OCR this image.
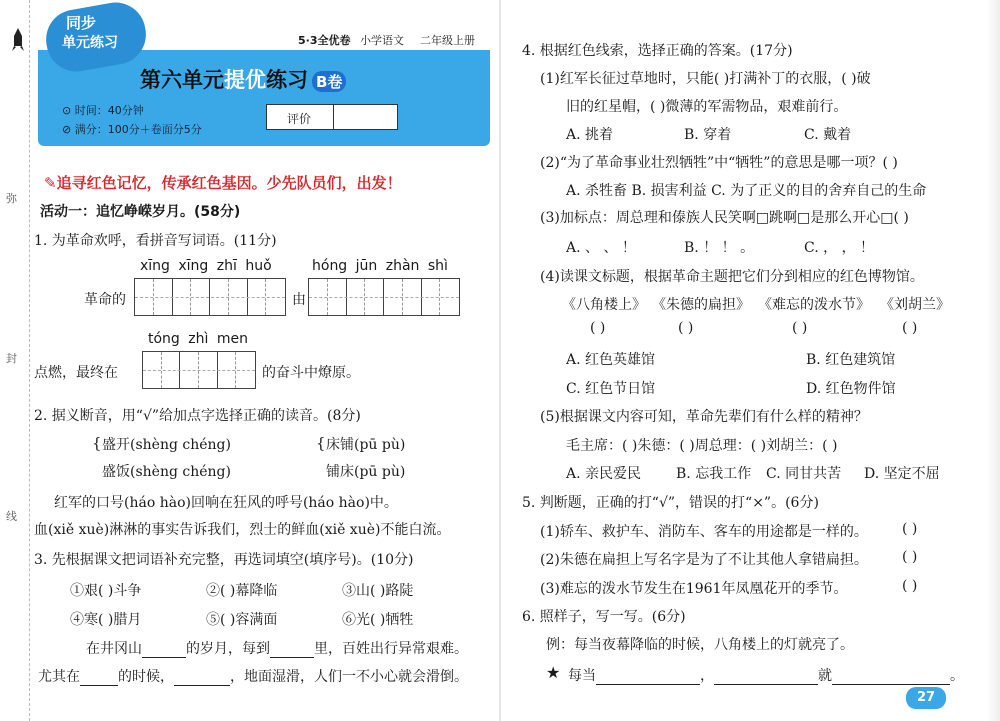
弥
封
线
同步
单元练习	5·3全优卷 小学语文 二年级上册
第六单元提优练习 B卷
⊙ 时间：40分钟
⊘ 满分：100分＋卷面分5分
评价
✎追寻红色记忆，传承红色基因。少先队员们，出发！
活动一：追忆峥嵘岁月。(58分)
1. 为革命欢呼，看拼音写词语。(11分)
xīng xīng zhī huǒ	hóng jūn zhàn shì
革命的	由
tóng zhì men
点燃，最终在	的奋斗中燎原。
2. 据义断音，用“√”给加点字选择正确的读音。(8分)
{ 盛开(shèng chéng)
盛饭(shèng chéng)
{ 床铺(pū pù)
铺床(pū pù)
红军的口号(háo hào)回响在狂风的呼号(háo hào)中。
血(xiě xuè)淋淋的事实告诉我们，烈士的鲜血(xiě xuè)不能白流。
3. 先根据课文把词语补充完整，再选词填空(填序号)。(10分)
①艰( )斗争	②( )幕降临	③山( )路陡
④寒( )腊月	⑤( )容满面	⑥光( )牺牲
在井冈山	的岁月，每到	里，百姓出行异常艰难。
尤其在	的时候，	，地面湿滑，人们一不小心就会滑倒。
4. 根据红色线索，选择正确的答案。(17分)
(1)红军长征过草地时，只能( )打满补丁的衣服，( )破
旧的红星帽，( )微薄的军需物品，艰难前行。
A. 挑着	B. 穿着	C. 戴着
(2)“为了革命事业壮烈牺牲”中“牺牲”的意思是哪一项？( )
A. 杀牲畜 B. 损害利益 C. 为了正义的目的舍弃自己的生命
(3)加标点：周总理和傣族人民笑啊□跳啊□是那么开心□( )
A. 、 、 ！	B. ！ ！ 。	C. ， ， ！
(4)读课文标题，根据革命主题把它们分到相应的红色博物馆。
《八角楼上》 《朱德的扁担》 《难忘的泼水节》 《刘胡兰》
( )	( )	( )	( )
A. 红色英雄馆	B. 红色建筑馆
C. 红色节日馆	D. 红色物件馆
(5)根据课文内容可知，革命先辈们有什么样的精神？
毛主席：( )朱德：( )周总理：( )刘胡兰：( )
A. 亲民爱民 B. 忘我工作 C. 同甘共苦 D. 坚定不屈
5. 判断题，正确的打“√”，错误的打“×”。(6分)
(1)轿车、救护车、消防车、客车的用途都是一样的。 ( )
(2)朱德在扁担上写名字是为了不让其他人拿错扁担。 ( )
(3)难忘的泼水节发生在1961年凤凰花开的季节。	( )
6. 照样子，写一写。(6分)
例：每当夜幕降临的时候，八角楼上的灯就亮了。
★ 每当	，	就	。
27
